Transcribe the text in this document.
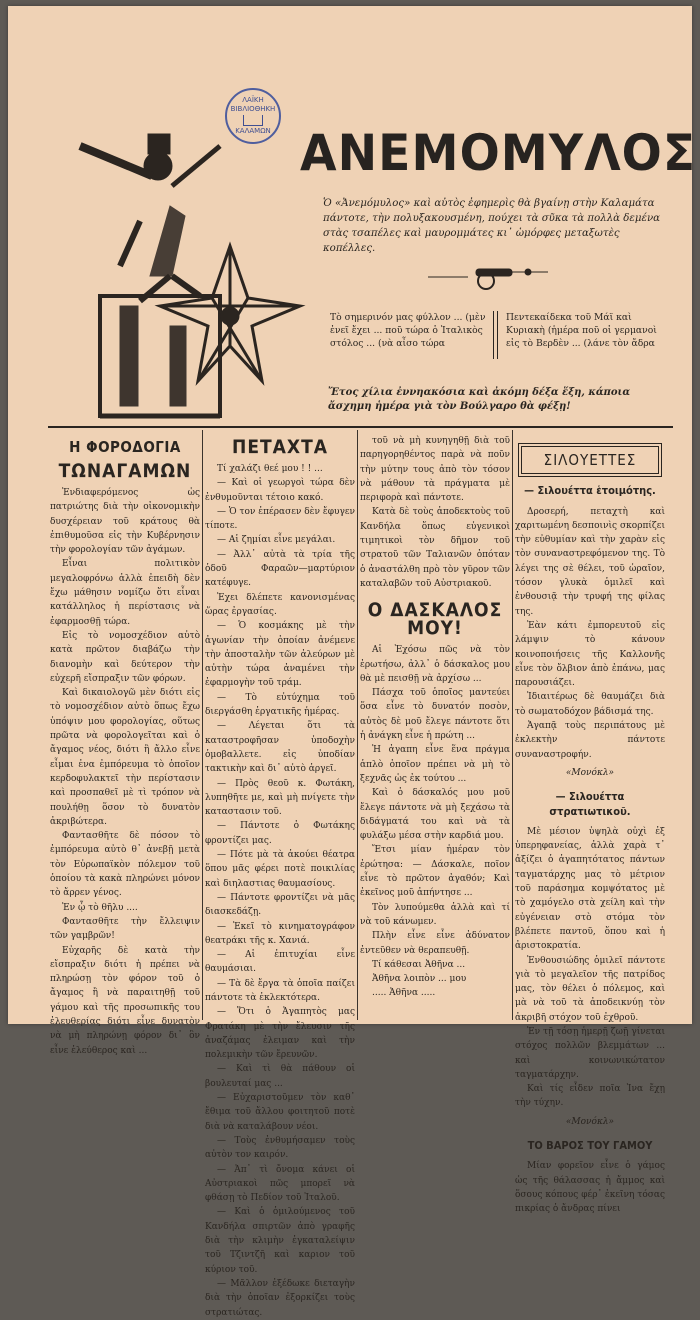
ΛΑΪΚΗ ΒΙΒΛΙΟΘΗΚΗ
ΚΑΛΑΜΩΝ ΑΝΕΜΟΜΥΛΟΣ
Ὁ «Ἀνεμόμυλος» καὶ αὐτὸς ἐφημερὶς θὰ βγαίνῃ στὴν Καλαμάτα πάντοτε, τὴν πολυξακουσμένη, πούχει τὰ σῦκα τὰ πολλὰ δεμένα στὰς τσαπέλες καὶ μαυρομμάτες κι᾿ ὡμόρφες μεταξωτὲς κοπέλλες.
Τὸ σημερινόν μας φύλλον ... (μὲν ἐνεῖ ἔχει ... ποῦ τώρα ὁ Ἰταλικὸς στόλος ... (νὰ αἶσο τώρα
Πεντεκαίδεκα τοῦ Μάϊ καὶ Κυριακὴ (ἡμέρα ποῦ οἱ γερμανοὶ εἰς τὸ Βερδὲν ... (λάνε τὸν ἄδρα
Ἔτος χίλια ἐννηακόσια καὶ ἀκόμη δέξα ἕξη, κάποια ἄσχημη ἡμέρα γιὰ τὸν Βούλγαρο θὰ φέξῃ!
Η ΦΟΡΟΔΟΓΙΑ
ΤΩΝΑΓΑΜΩΝ

Ἐνδιαφερόμενος ὡς πατριώτης διὰ τὴν οἰκονομικὴν δυσχέρειαν τοῦ κράτους θὰ ἐπιθυμοῦσα εἰς τὴν Κυβέρνησιν τὴν φορολογίαν τῶν ἀγάμων.

Εἶναι πολιτικὸν μεγαλοφρόνω ἀλλὰ ἐπειδὴ δὲν ἔχω μάθησιν νομίζω ὅτι εἶναι κατάλληλος ἡ περίστασις νὰ ἐφαρμοσθῇ τώρα.

Εἰς τὸ νομοσχέδιον αὐτὸ κατὰ πρῶτον διαβάζω τὴν διανομὴν καὶ δεύτερον τὴν εὐχερῆ εἴσπραξιν τῶν φόρων.

Καὶ δικαιολογῶ μὲν διότι εἰς τὸ νομοσχέδιον αὐτὸ ὅπως ἔχω ὑπόψιν μου φορολογίας, οὕτως πρῶτα νὰ φορολογεῖται καὶ ὁ ἄγαμος νέος, διότι ἢ ἄλλο εἶνε εἶμαι ἐνα ἐμπόρευμα τὸ ὁποῖον κερδοφυλακτεῖ τὴν περίστασιν καὶ προσπαθεῖ μὲ τὶ τρόπον νὰ πουλήθῃ ὅσον τὸ δυνατὸν ἀκριβώτερα.

Φαντασθῆτε δὲ πόσον τὸ ἐμπόρευμα αὐτὸ θ᾿ ἀνεβῇ μετὰ τὸν Εὐρωπαϊκὸν πόλεμον τοῦ ὁποίου τὰ κακὰ πληρώνει μόνον τὸ ἄρρεν γένος.

Ἐν ᾧ τὸ θῆλυ ....

Φαντασθῆτε τὴν ἔλλειψιν τῶν γαμβρῶν!

Εὐχαρῆς δὲ κατὰ τὴν εἴσπραξιν διότι ἡ πρέπει νὰ πληρώσῃ τὸν φόρον τοῦ ὁ ἄγαμος ἢ νὰ παραιτηθῇ τοῦ γάμου καὶ τῆς προσωπικῆς του ἐλευθερίας διότι εἶνε δυνατὸν νὰ μὴ πληρώνῃ φόρον δι᾿ ὃν εἶνε ἐλεύθερος καὶ ...

ΠΕΤΑΧΤΑ

Τί χαλάζι θεέ μου ! ! ...

— Καὶ οἱ γεωργοὶ τώρα δὲν ἐνθυμοῦνται τέτοιο κακό.

— Ὁ τον ἐπέρασεν δὲν ἔφυγεν τίποτε.

— Αἱ ζημίαι εἶνε μεγάλαι.

— Ἀλλ᾿ αὐτὰ τὰ τρία τῆς ὁδοῦ Φαραῶν—μαρτύριον κατέφυγε.

Ἐχει δλέπετε κανονισμένας ὥρας ἐργασίας.

— Ὁ κοσμάκης μὲ τὴν ἀγωνίαν τὴν ὁποίαν ἀνέμενε τὴν ἀποσταλὴν τῶν ἀλεύρων μὲ αὐτὴν τώρα ἀναμένει τὴν ἐφαρμογὴν τοῦ τράμ.

— Τὸ εὐτύχημα τοῦ διεργάσθη ἐργατικῆς ἡμέρας.

— Λέγεται ὅτι τὰ καταστροφῆσαν ὑποδοχὴν ὁμοβαλλετε. εἰς ὑποδίαν τακτικὴν καὶ δι᾿ αὐτὸ ἀργεῖ.

— Πρὸς θεοῦ κ. Φωτάκη, λυπηθῆτε με, καὶ μὴ πνίγετε τὴν καταστασιν τοῦ.

— Πάντοτε ὁ Φωτάκης φροντίζει μας.

— Πότε μὰ τὰ ἀκούει θέατρα ὅπου μᾶς φέρει ποτὲ ποικιλίας καὶ διηλαστιας θαυμασίους.

— Πάντοτε φροντίζει νὰ μᾶς διασκεδάζῃ.

— Ἐκεῖ τὸ κινηματογράφον θεατράκι τῆς κ. Χανιά.

— Αἱ ἐπιτυχίαι εἶνε θαυμάσιαι.

— Τὰ δὲ ἔργα τὰ ὁποῖα παίζει πάντοτε τὰ ἐκλεκτότερα.

— Ὅτι ὁ Ἀγαπητὸς μας Φρατάκη μὲ τὴν ἔλευσιν τῆς ἀναζάμας ἐλειμαν καὶ τὴν πολεμικὴν τῶν ἔρευνῶν.

— Καὶ τὶ θὰ πάθουν οἱ βουλευταί μας ...

— Εὐχαριστοῦμεν τὸν καθ᾿ ἔθιμα τοῦ ἄλλου φοιτητοῦ ποτὲ διὰ νὰ καταλάβουν νέοι.

— Τοὺς ἐνθυμήσαμεν τοὺς αὐτὸν τον καιρόν.

— Ἀπ᾿ τὶ ὄνομα κάνει οἱ Αὐστριακοὶ πῶς μπορεῖ νὰ φθάσῃ τὸ Πεδίον τοῦ Ἰταλοῦ.

— Καὶ ὁ ὁμιλούμενος τοῦ Κανδήλα σπιρτῶν ἀπὸ γραφῆς διὰ τὴν κλιμὴν ἐγκαταλείψιν τοῦ Τζιντζῆ καὶ καριον τοῦ κύριον τοῦ.

— Μᾶλλον ἐξέδωκε διεταγὴν διὰ τὴν ὁποῖαν ἐξορκίζει τοὺς στρατιώτας.

τοῦ νὰ μὴ κυνηγηθῇ διὰ τοῦ παρηγορηθέντος παρὰ νὰ ποῦν τὴν μύτην τους ἀπὸ τὸν τόσον νὰ μάθουν τὰ πράγματα μὲ περιφορὰ καὶ πάντοτε.

Κατὰ δὲ τοὺς ἀποδεκτοὺς τοῦ Κανδήλα ὅπως εὐγενικοὶ τιμητικοὶ τὸν δῆμον τοῦ στρατοῦ τῶν Ταλιανῶν ὁπόταν ὁ ἀναστάλθη πρὸ τὸν γῦρον τῶν καταλαβῶν τοῦ Αὐστριακοῦ.

Ο ΔΑΣΚΑΛΟΣ ΜΟΥ!

Αἱ Ἐχόσω πῶς νὰ τὸν ἐρωτήσω, ἀλλ᾿ ὁ δάσκαλος μου θὰ μὲ πεισθῇ νὰ ἀρχίσω ...

Πάσχα τοῦ ὁποῖος μαντεύει ὅσα εἶνε τὸ δυνατόν ποσὸν, αὐτὸς δὲ μοῦ ἔλεγε πάντοτε ὅτι ἡ ἀνάγκη εἶνε ἡ πρώτη ...

Ἡ ἀγαπη εἶνε ἕνα πράγμα ἁπλὸ ὁποῖον πρέπει νὰ μὴ τὸ ξεχνᾶς ὡς ἐκ τούτου ...

Καὶ ὁ δάσκαλός μου μοῦ ἔλεγε πάντοτε νὰ μὴ ξεχάσω τὰ διδάγματά του καὶ νὰ τὰ φυλάξω μέσα στὴν καρδιά μου.

Ἔτσι μίαν ἡμέραν τὸν ἐρώτησα: — Δάσκαλε, ποῖον εἶνε τὸ πρῶτον ἀγαθόν; Καὶ ἐκεῖνος μοῦ ἀπήντησε ...

Τὸν λυπούμεθα ἀλλὰ καὶ τί νὰ τοῦ κάνωμεν.

Πλὴν εἶνε εἶνε ἀδύνατον ἐντεῦθεν νὰ θεραπευθῇ.

Τί κάθεσαι Ἀθῆνα ...

Ἀθῆνα λοιπὸν ... μου

..... Ἀθῆνα .....

ΣΙΛΟΥΕΤΤΕΣ
— Σιλουέττα ἑτοιμότης.

Δροσερή, πεταχτὴ καὶ χαριτωμένη δεσποινὶς σκορπίζει τὴν εὐθυμίαν καὶ τὴν χαρὰν εἰς τὸν συναναστρεφόμενον της. Τὸ λέγει της σὲ θέλει, τοῦ ὡραῖον, τόσον γλυκὰ ὁμιλεῖ καὶ ἐνθουσιᾷ τὴν τρυφή της φίλας της.

Ἐὰν κάτι ἐμπορευτοῦ εἰς λάμψιν τὸ κάνουν κοινοποιήσεις τῆς Καλλονῆς εἶνε τὸν ὄλβιον ἀπὸ ἐπάνω, μας παρουσιάζει.

Ἰδιαιτέρως δὲ θαυμάζει διὰ τὸ σωματοδόχον βάδισμά της.

Ἀγαπᾷ τοὺς περιπάτους μὲ ἐκλεκτὴν πάντοτε συναναστροφήν.

«Μονόκλ»
— Σιλουέττα στρατιωτικοῦ.

Μὲ μέσιον ὑψηλὰ οὐχὶ ἐξ ὑπερηφανείας, ἀλλὰ χαρὰ τ᾿ ἀξίζει ὁ ἀγαπητότατος πάντων ταγματάρχης μας τὸ μέτριον τοῦ παράσημα κομψότατος μὲ τὸ χαμόγελο στὰ χείλη καὶ τὴν εὐγένειαν στὸ στόμα τὸν βλέπετε παντοῦ, ὅπου καὶ ἡ ἀριστοκρατία.

Ἐνθουσιώδης ὁμιλεῖ πάντοτε γιὰ τὸ μεγαλεῖον τῆς πατρίδος μας, τὸν θέλει ὁ πόλεμος, καὶ μὰ νὰ τοῦ τὰ ἀποδεικνύῃ τὸν ἀκριβῆ στόχον τοῦ ἐχθροῦ.

Ἐν τῇ τόσῃ ἡμερῇ ζωῇ γίνεται στόχος πολλῶν βλεμμάτων ... καὶ κοινωνικώτατον ταγματάρχην.

Καὶ τίς εἶδεν ποῖα Ἰνα ἔχῃ τὴν τύχην.

«Μονόκλ»
ΤΟ ΒΑΡΟΣ ΤΟΥ ΓΑΜΟΥ

Μίαν φορεῖον εἶνε ὁ γάμος ὡς τῆς θάλασσας ἡ ἄμμος καὶ ὅσους κόπους φέρ᾿ ἐκεῖνη τόσας πικρίας ὁ ἄνδρας πίνει
